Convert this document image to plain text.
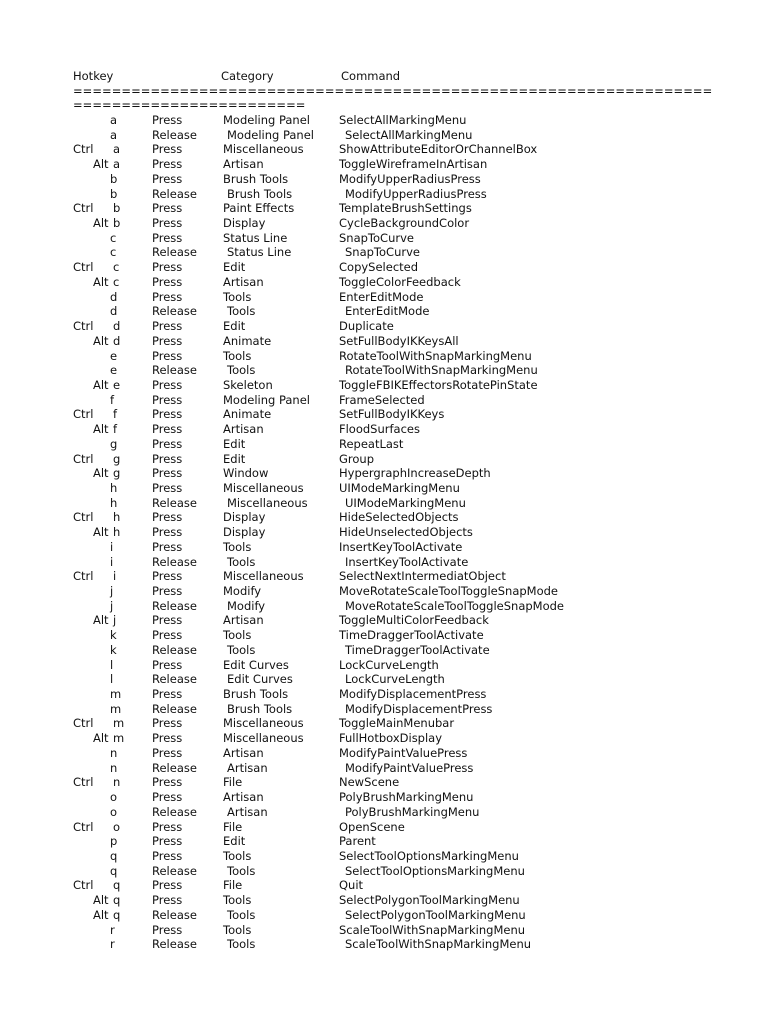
Hotkey	Category	Command
==================================================================
========================
a	Press	Modeling Panel	SelectAllMarkingMenu
a	Release	Modeling Panel	SelectAllMarkingMenu
Ctrl a	Press	Miscellaneous	ShowAttributeEditorOrChannelBox
Alt a	Press	Artisan	ToggleWireframeInArtisan
b	Press	Brush Tools	ModifyUpperRadiusPress
b	Release	Brush Tools	ModifyUpperRadiusPress
Ctrl b	Press	Paint Effects	TemplateBrushSettings
Alt b	Press	Display	CycleBackgroundColor
c	Press	Status Line	SnapToCurve
c	Release	Status Line	SnapToCurve
Ctrl c	Press	Edit	CopySelected
Alt c	Press	Artisan	ToggleColorFeedback
d	Press	Tools	EnterEditMode
d	Release	Tools	EnterEditMode
Ctrl d	Press	Edit	Duplicate
Alt d	Press	Animate	SetFullBodyIKKeysAll
e	Press	Tools	RotateToolWithSnapMarkingMenu
e	Release	Tools	RotateToolWithSnapMarkingMenu
Alt e	Press	Skeleton	ToggleFBIKEffectorsRotatePinState
f	Press	Modeling Panel	FrameSelected
Ctrl f	Press	Animate	SetFullBodyIKKeys
Alt f	Press	Artisan	FloodSurfaces
g	Press	Edit	RepeatLast
Ctrl g	Press	Edit	Group
Alt g	Press	Window	HypergraphIncreaseDepth
h	Press	Miscellaneous	UIModeMarkingMenu
h	Release	Miscellaneous	UIModeMarkingMenu
Ctrl h	Press	Display	HideSelectedObjects
Alt h	Press	Display	HideUnselectedObjects
i	Press	Tools	InsertKeyToolActivate
i	Release	Tools	InsertKeyToolActivate
Ctrl i	Press	Miscellaneous	SelectNextIntermediatObject
j	Press	Modify	MoveRotateScaleToolToggleSnapMode
j	Release	Modify	MoveRotateScaleToolToggleSnapMode
Alt j	Press	Artisan	ToggleMultiColorFeedback
k	Press	Tools	TimeDraggerToolActivate
k	Release	Tools	TimeDraggerToolActivate
l	Press	Edit Curves	LockCurveLength
l	Release	Edit Curves	LockCurveLength
m	Press	Brush Tools	ModifyDisplacementPress
m	Release	Brush Tools	ModifyDisplacementPress
Ctrl m Press	Miscellaneous	ToggleMainMenubar
Alt m Press	Miscellaneous	FullHotboxDisplay
n	Press	Artisan	ModifyPaintValuePress
n	Release	Artisan	ModifyPaintValuePress
Ctrl n	Press	File	NewScene
o	Press	Artisan	PolyBrushMarkingMenu
o	Release	Artisan	PolyBrushMarkingMenu
Ctrl o	Press	File	OpenScene
p	Press	Edit	Parent
q	Press	Tools	SelectToolOptionsMarkingMenu
q	Release	Tools	SelectToolOptionsMarkingMenu
Ctrl q	Press	File	Quit
Alt q	Press	Tools	SelectPolygonToolMarkingMenu
Alt q	Release	Tools	SelectPolygonToolMarkingMenu
r	Press	Tools	ScaleToolWithSnapMarkingMenu
r	Release	Tools	ScaleToolWithSnapMarkingMenu
